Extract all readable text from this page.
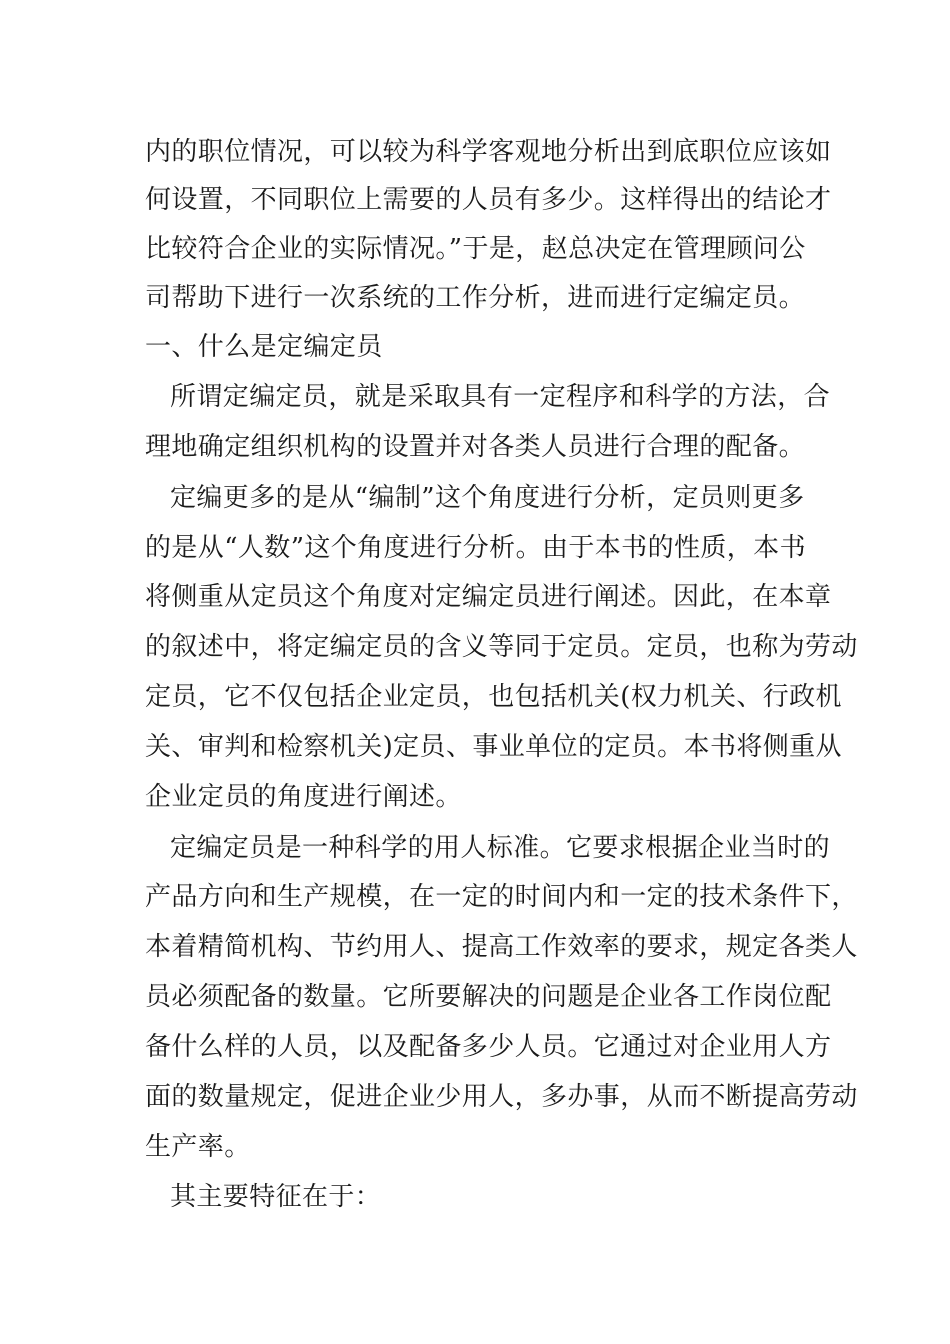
内的职位情况，可以较为科学客观地分析出到底职位应该如
何设置，不同职位上需要的人员有多少。这样得出的结论才
比较符合企业的实际情况。”于是，赵总决定在管理顾问公
司帮助下进行一次系统的工作分析，进而进行定编定员。
一、什么是定编定员
所谓定编定员，就是采取具有一定程序和科学的方法，合
理地确定组织机构的设置并对各类人员进行合理的配备。
定编更多的是从“编制”这个角度进行分析，定员则更多
的是从“人数”这个角度进行分析。由于本书的性质，本书
将侧重从定员这个角度对定编定员进行阐述。因此，在本章
的叙述中，将定编定员的含义等同于定员。定员，也称为劳动
定员，它不仅包括企业定员，也包括机关(权力机关、行政机
关、审判和检察机关)定员、事业单位的定员。本书将侧重从
企业定员的角度进行阐述。
定编定员是一种科学的用人标准。它要求根据企业当时的
产品方向和生产规模，在一定的时间内和一定的技术条件下，
本着精简机构、节约用人、提高工作效率的要求，规定各类人
员必须配备的数量。它所要解决的问题是企业各工作岗位配
备什么样的人员，以及配备多少人员。它通过对企业用人方
面的数量规定，促进企业少用人，多办事，从而不断提高劳动
生产率。
其主要特征在于：
